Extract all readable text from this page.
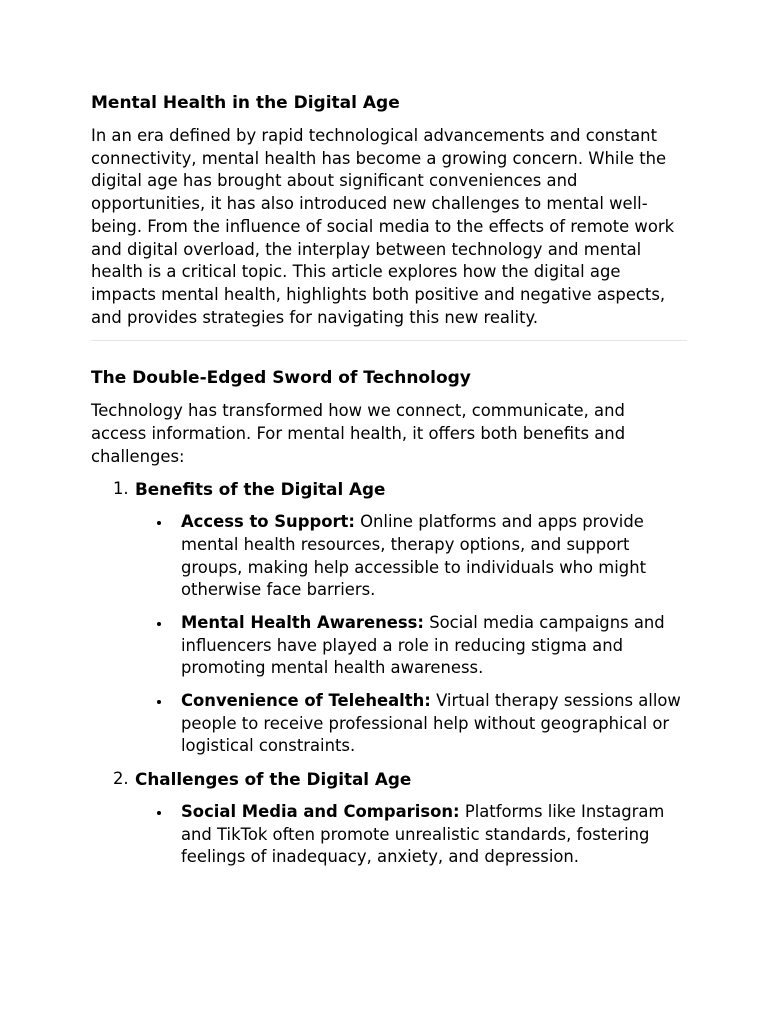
Mental Health in the Digital Age

In an era defined by rapid technological advancements and constant connectivity, mental health has become a growing concern. While the digital age has brought about significant conveniences and opportunities, it has also introduced new challenges to mental well-being. From the influence of social media to the effects of remote work and digital overload, the interplay between technology and mental health is a critical topic. This article explores how the digital age impacts mental health, highlights both positive and negative aspects, and provides strategies for navigating this new reality.

The Double-Edged Sword of Technology

Technology has transformed how we connect, communicate, and access information. For mental health, it offers both benefits and challenges:

1. Benefits of the Digital Age
Access to Support: Online platforms and apps provide mental health resources, therapy options, and support groups, making help accessible to individuals who might otherwise face barriers.
Mental Health Awareness: Social media campaigns and influencers have played a role in reducing stigma and promoting mental health awareness.
Convenience of Telehealth: Virtual therapy sessions allow people to receive professional help without geographical or logistical constraints.
2. Challenges of the Digital Age
Social Media and Comparison: Platforms like Instagram and TikTok often promote unrealistic standards, fostering feelings of inadequacy, anxiety, and depression.
